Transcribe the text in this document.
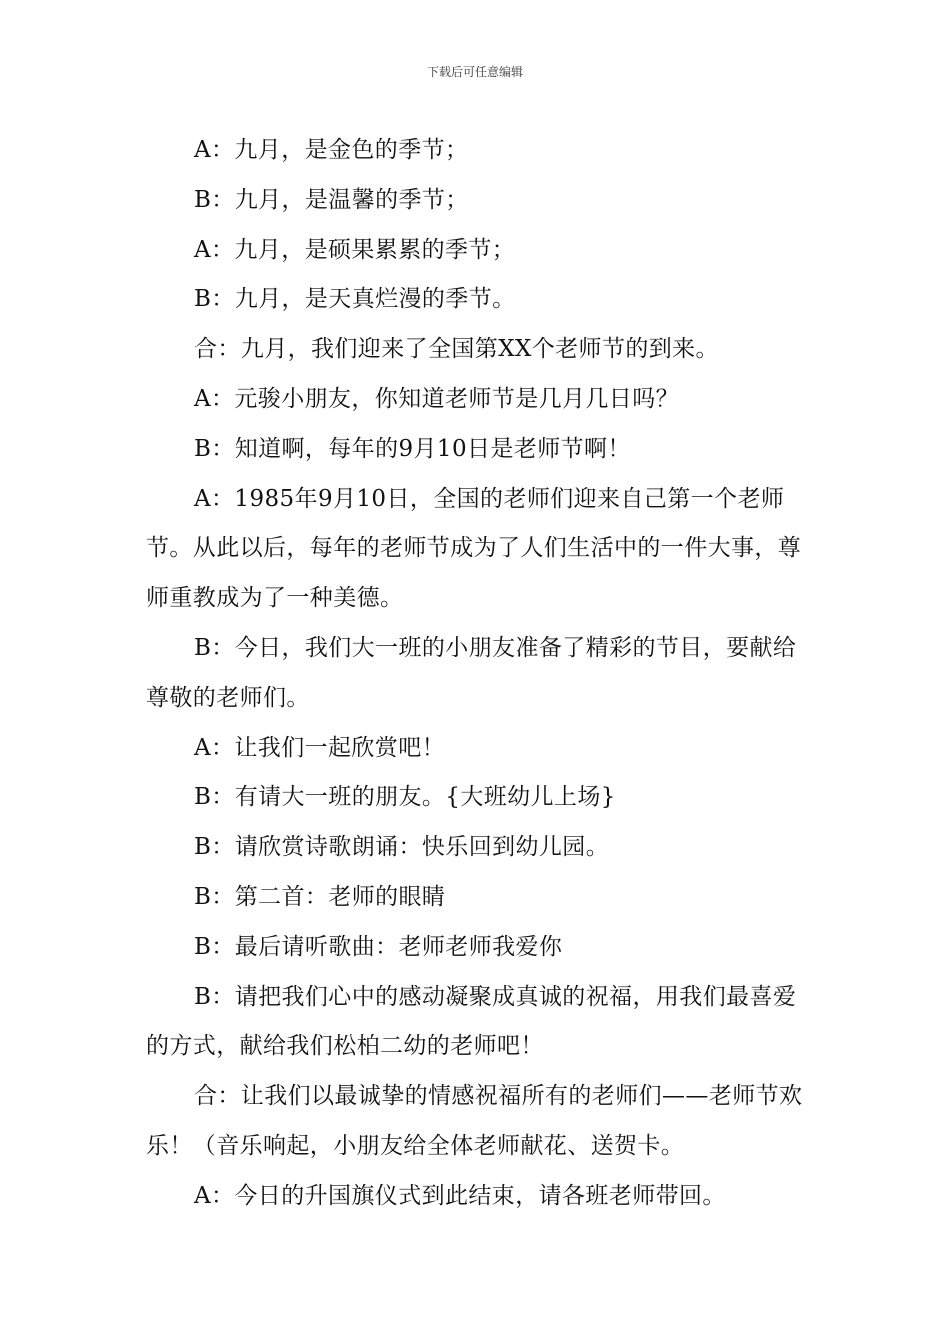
下载后可任意编辑

A：九月，是金色的季节；

B：九月，是温馨的季节；

A：九月，是硕果累累的季节；

B：九月，是天真烂漫的季节。

合：九月，我们迎来了全国第XX个老师节的到来。

A：元骏小朋友，你知道老师节是几月几日吗？

B：知道啊，每年的9月10日是老师节啊！

A：1985年9月10日，全国的老师们迎来自己第一个老师节。从此以后，每年的老师节成为了人们生活中的一件大事，尊师重教成为了一种美德。

B：今日，我们大一班的小朋友准备了精彩的节目，要献给尊敬的老师们。

A：让我们一起欣赏吧！

B：有请大一班的朋友。{大班幼儿上场}

B：请欣赏诗歌朗诵：快乐回到幼儿园。

B：第二首：老师的眼睛

B：最后请听歌曲：老师老师我爱你

B：请把我们心中的感动凝聚成真诚的祝福，用我们最喜爱的方式，献给我们松柏二幼的老师吧！

合：让我们以最诚挚的情感祝福所有的老师们——老师节欢乐！（音乐响起，小朋友给全体老师献花、送贺卡。

A：今日的升国旗仪式到此结束，请各班老师带回。
